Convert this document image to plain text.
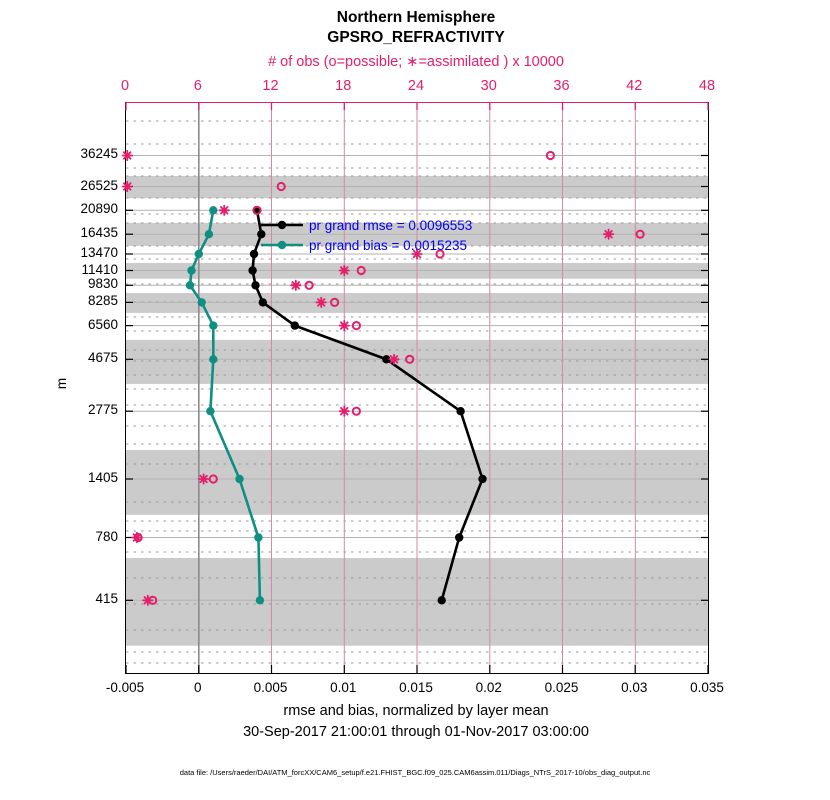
Northern Hemisphere
GPSRO_REFRACTIVITY
# of obs (o=possible; ∗=assimilated ) x 10000
m
pr grand rmse = 0.0096553
pr grand bias = 0.0015235
rmse and bias, normalized by layer mean
30-Sep-2017 21:00:01 through 01-Nov-2017 03:00:00
data file: /Users/raeder/DAI/ATM_forcXX/CAM6_setup/f.e21.FHIST_BGC.f09_025.CAM6assim.011/Diags_NTrS_2017-10/obs_diag_output.nc
0	6	12	18	24	30	36	42	48
-0.005	0	0.005	0.01	0.015	0.02	0.025	0.03	0.035
36245
26525
20890
16435
13470
11410
9830
8285
6560
4675
2775
1405
780
415
